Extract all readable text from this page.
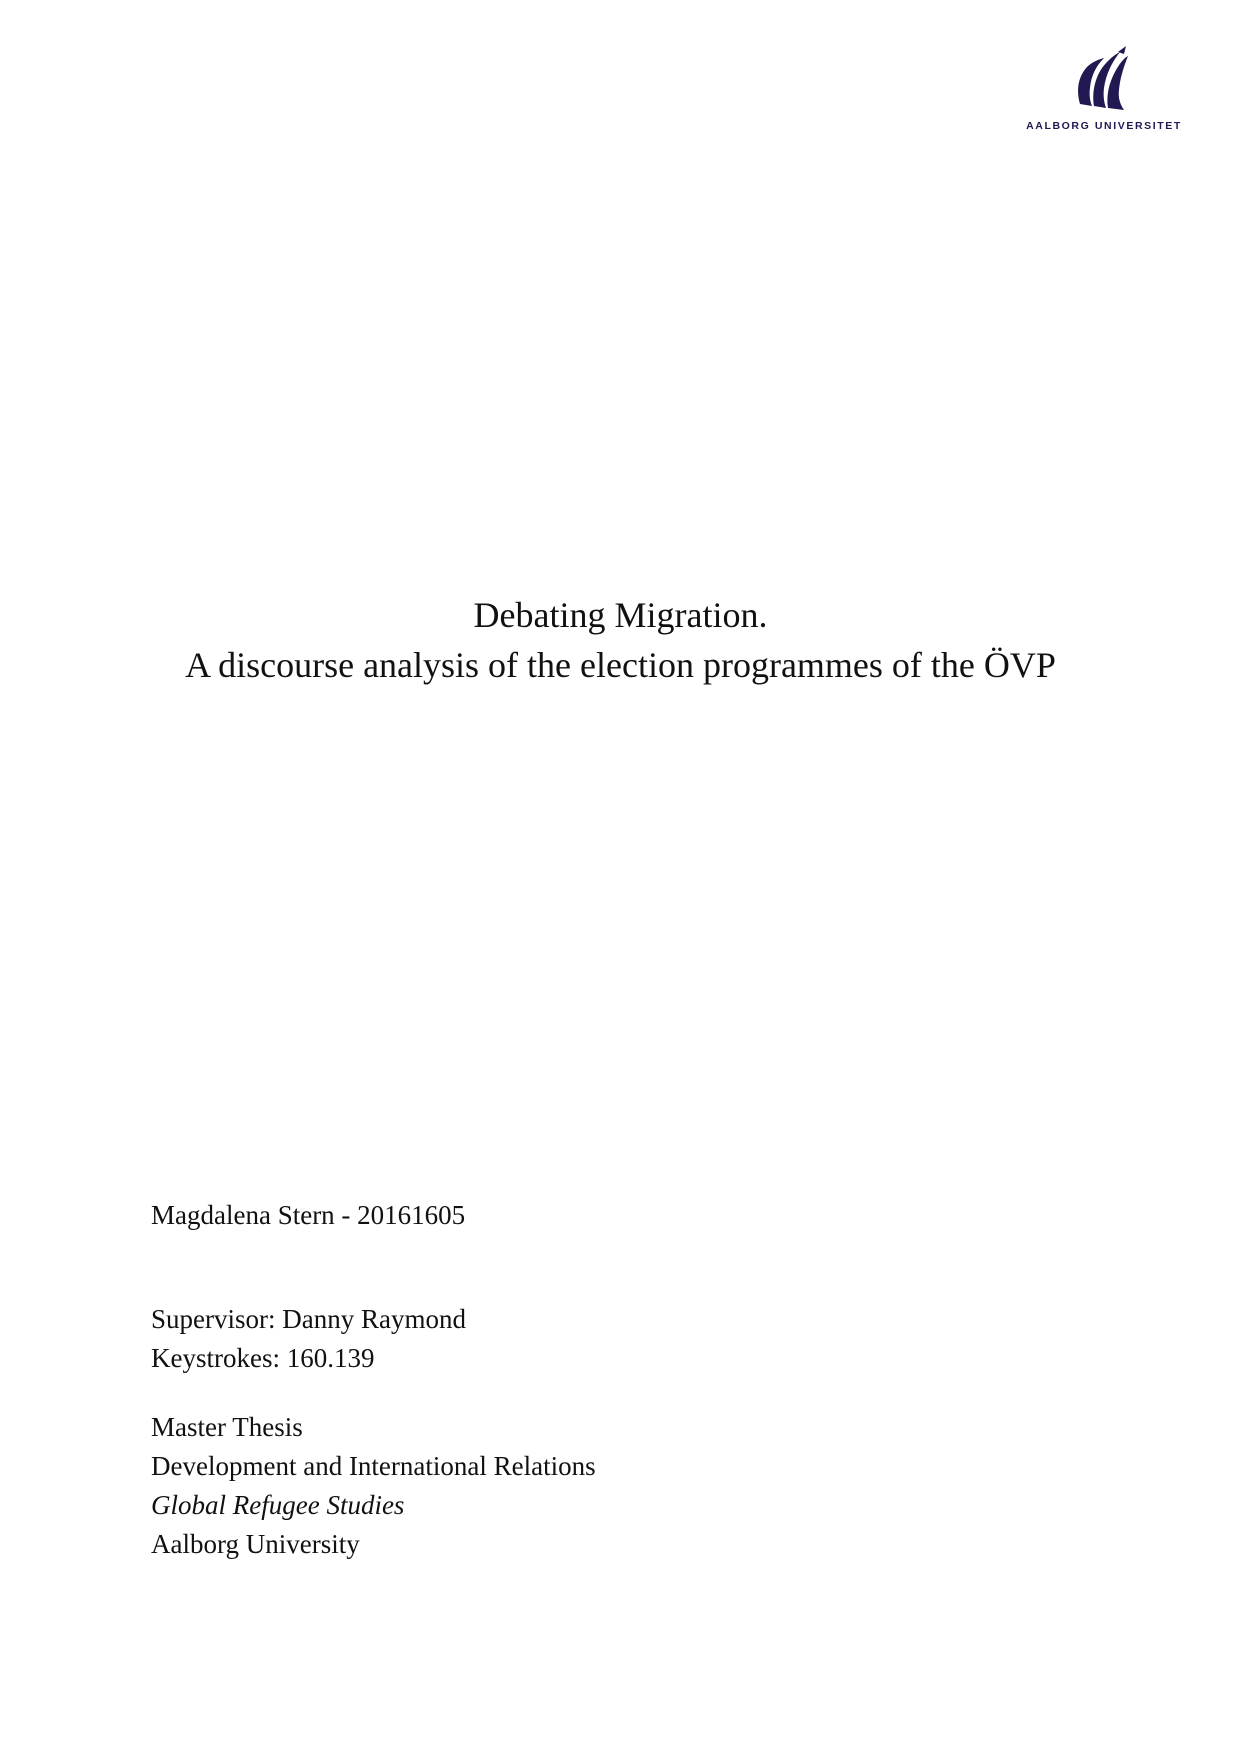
AALBORG UNIVERSITET
Debating Migration.
A discourse analysis of the election programmes of the ÖVP
Magdalena Stern - 20161605
Supervisor: Danny Raymond
Keystrokes: 160.139
Master Thesis
Development and International Relations
Global Refugee Studies
Aalborg University
